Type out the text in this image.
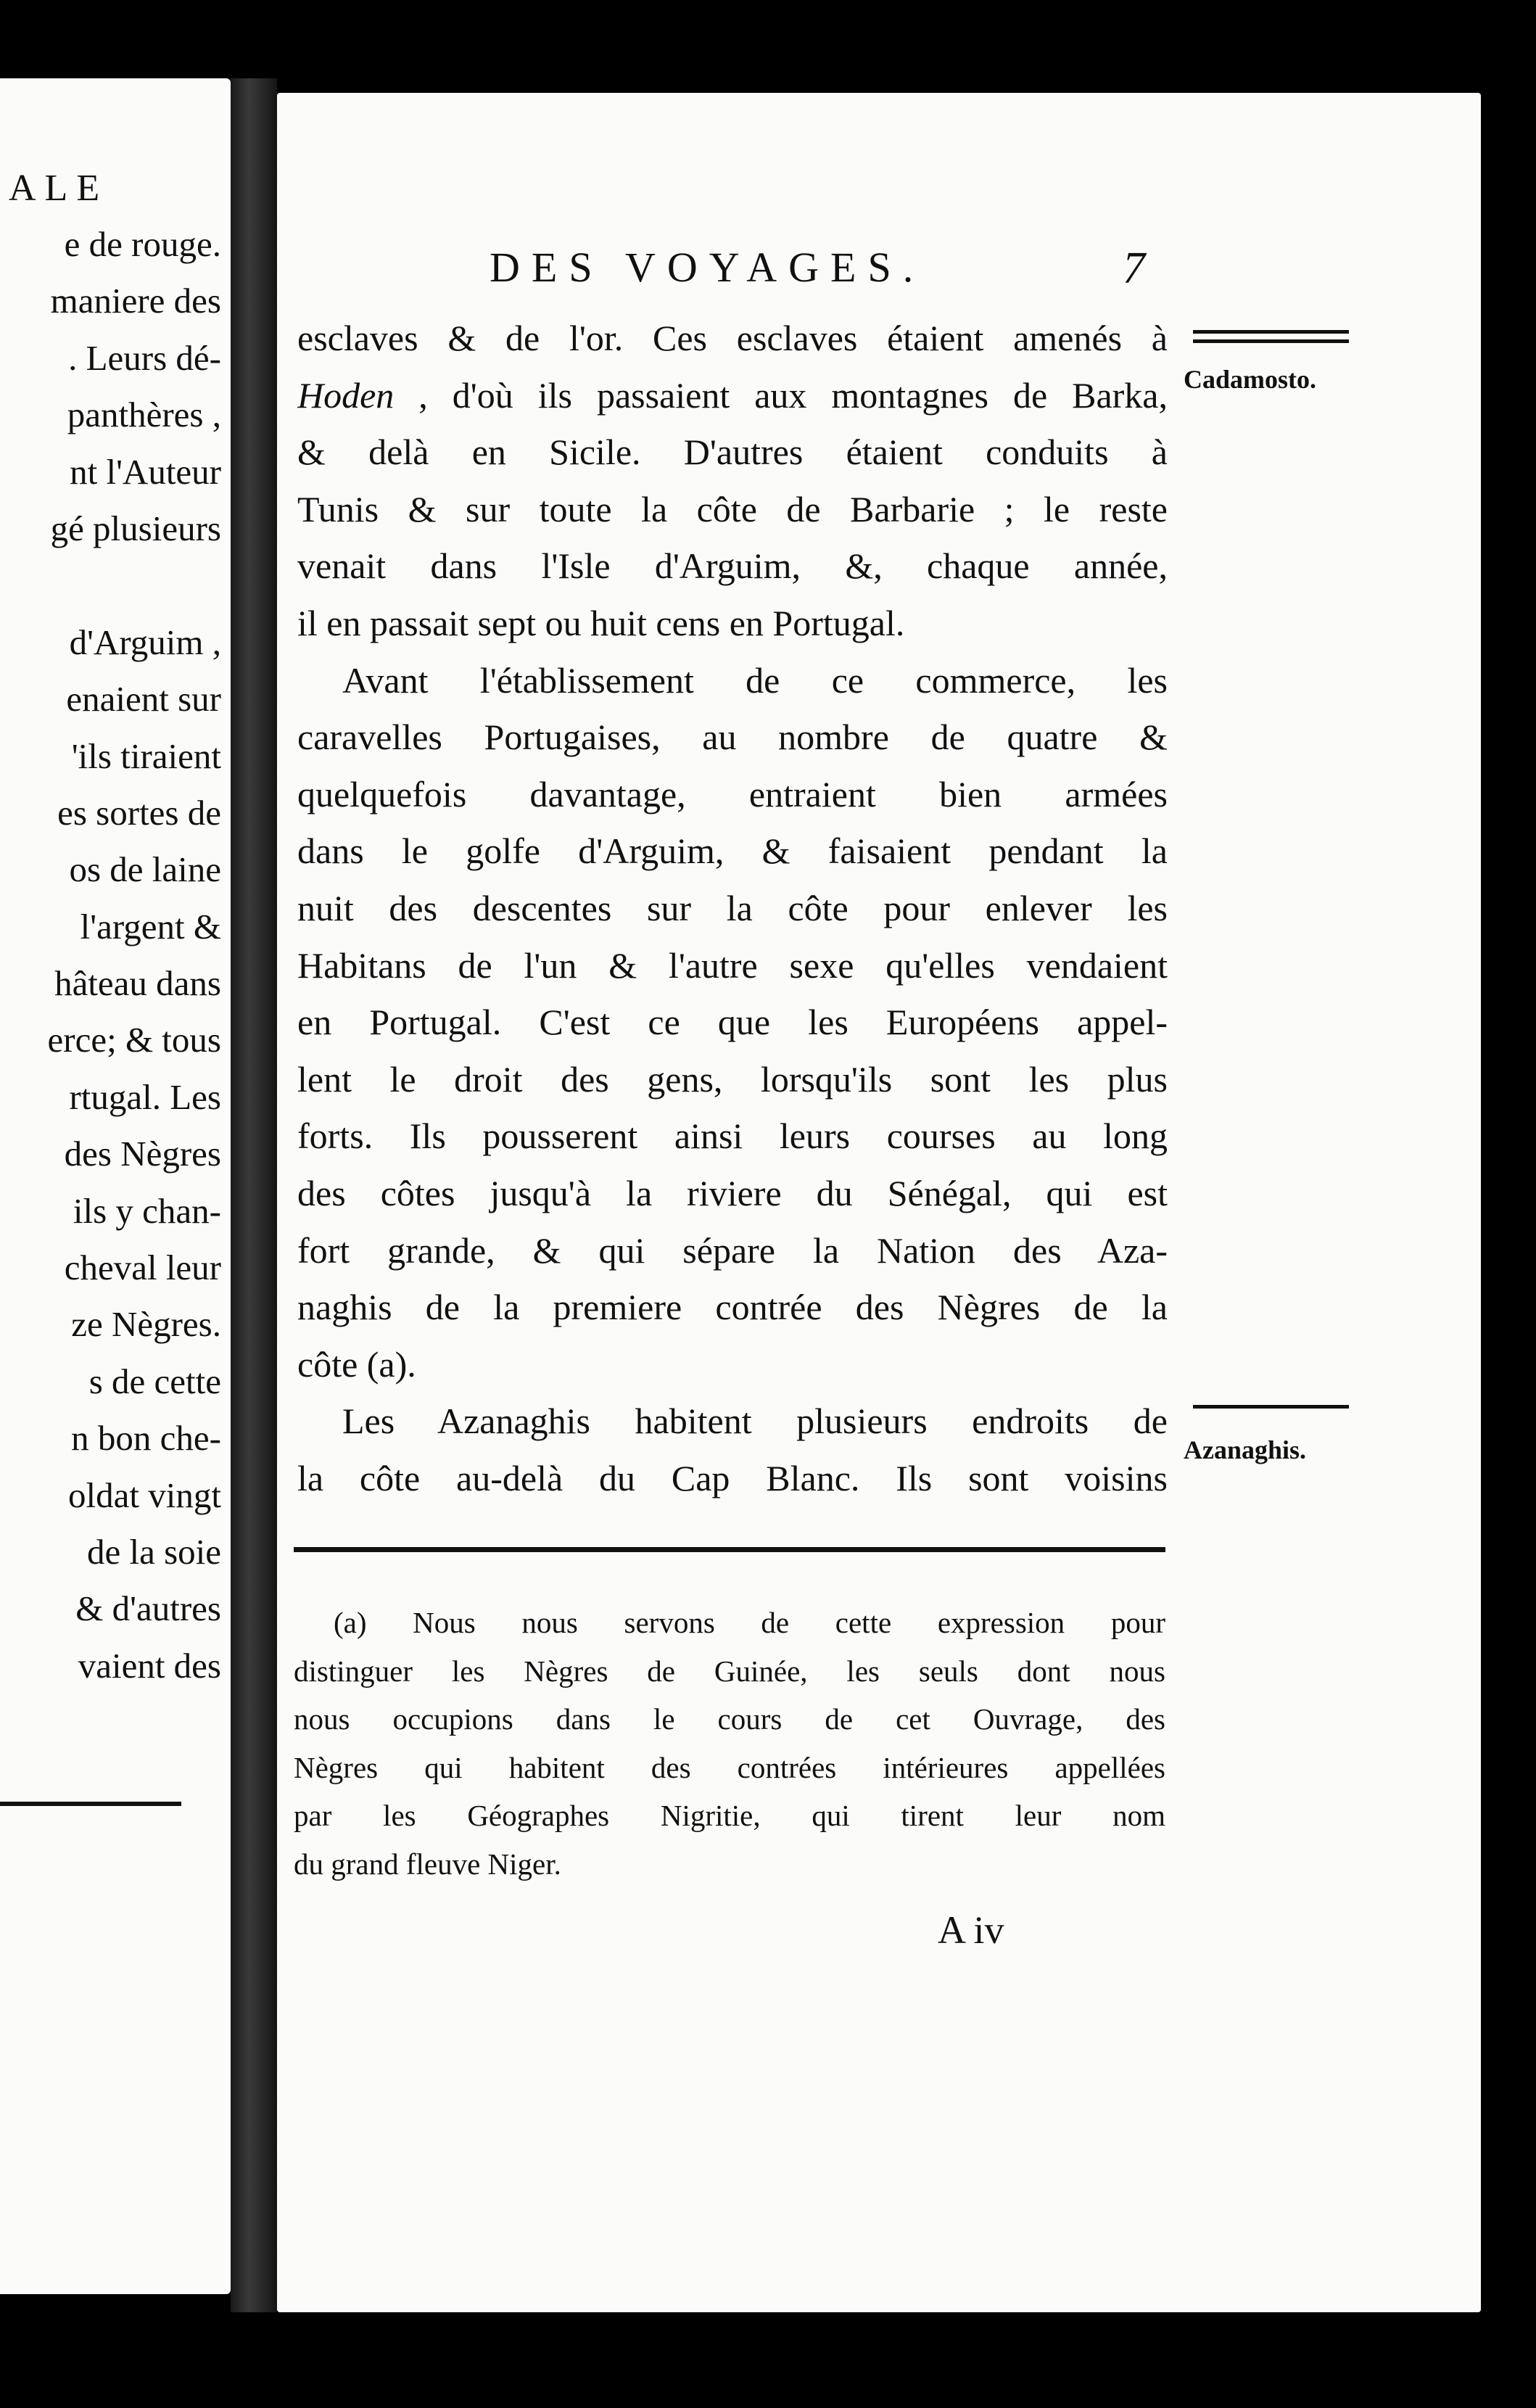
ALE
e de rouge.
maniere des
. Leurs dé-
panthères ,
nt l'Auteur
gé plusieurs
d'Arguim ,
enaient sur
'ils tiraient
es sortes de
os de laine
l'argent &
hâteau dans
erce; & tous
rtugal. Les
des Nègres
ils y chan-
cheval leur
ze Nègres.
s de cette
n bon che-
oldat vingt
de la soie
& d'autres
vaient des
DES VOYAGES.	7
Cadamosto.
Azanaghis.
esclaves & de l'or. Ces esclaves étaient amenés à
Hoden , d'où ils passaient aux montagnes de Barka,
& delà en Sicile. D'autres étaient conduits à
Tunis & sur toute la côte de Barbarie ; le reste
venait dans l'Isle d'Arguim, &, chaque année,
il en passait sept ou huit cens en Portugal.
Avant l'établissement de ce commerce, les
caravelles Portugaises, au nombre de quatre &
quelquefois davantage, entraient bien armées
dans le golfe d'Arguim, & faisaient pendant la
nuit des descentes sur la côte pour enlever les
Habitans de l'un & l'autre sexe qu'elles vendaient
en Portugal. C'est ce que les Européens appel-
lent le droit des gens, lorsqu'ils sont les plus
forts. Ils pousserent ainsi leurs courses au long
des côtes jusqu'à la riviere du Sénégal, qui est
fort grande, & qui sépare la Nation des Aza-
naghis de la premiere contrée des Nègres de la
côte (a).
Les Azanaghis habitent plusieurs endroits de
la côte au-delà du Cap Blanc. Ils sont voisins
(a) Nous nous servons de cette expression pour
distinguer les Nègres de Guinée, les seuls dont nous
nous occupions dans le cours de cet Ouvrage, des
Nègres qui habitent des contrées intérieures appellées
par les Géographes Nigritie, qui tirent leur nom
du grand fleuve Niger.
A iv
